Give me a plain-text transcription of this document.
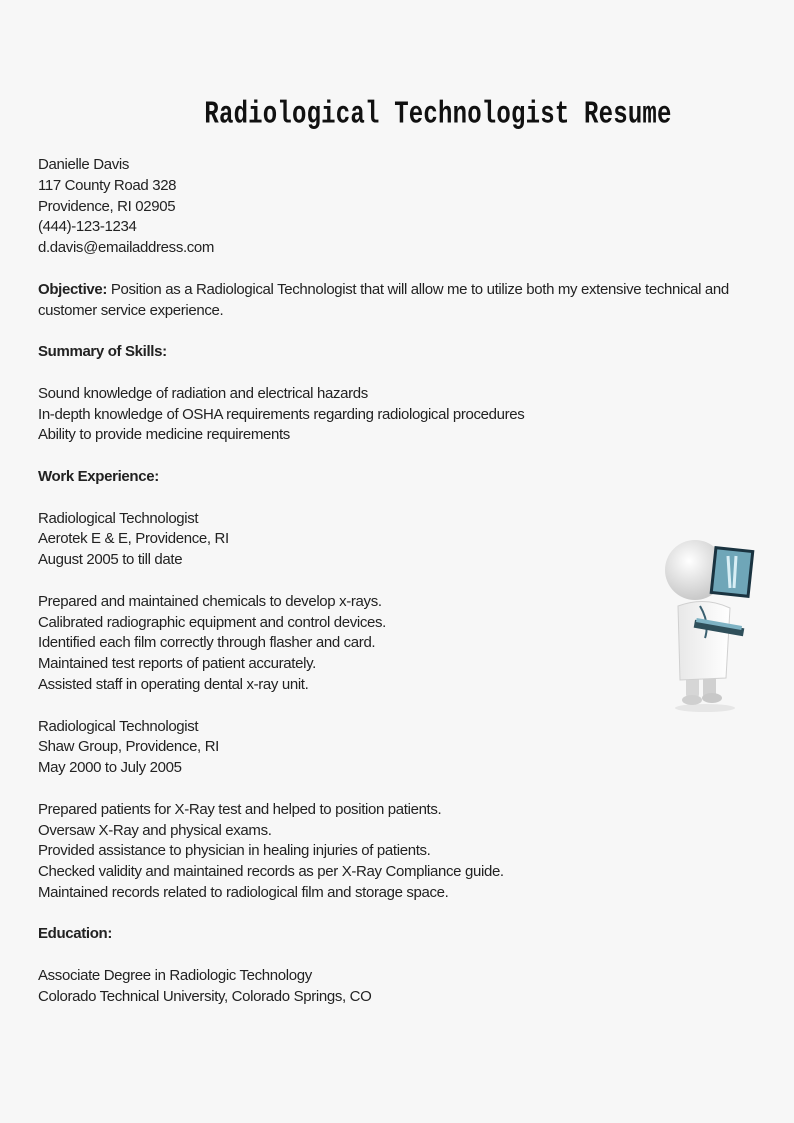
Radiological Technologist Resume
Danielle Davis
117 County Road 328
Providence, RI 02905
(444)-123-1234
d.davis@emailaddress.com
Objective: Position as a Radiological Technologist that will allow me to utilize both my extensive technical and
customer service experience.
Summary of Skills:
Sound knowledge of radiation and electrical hazards
In-depth knowledge of OSHA requirements regarding radiological procedures
Ability to provide medicine requirements
Work Experience:
Radiological Technologist
Aerotek E & E, Providence, RI
August 2005 to till date
Prepared and maintained chemicals to develop x-rays.
Calibrated radiographic equipment and control devices.
Identified each film correctly through flasher and card.
Maintained test reports of patient accurately.
Assisted staff in operating dental x-ray unit.
Radiological Technologist
Shaw Group, Providence, RI
May 2000 to July 2005
Prepared patients for X-Ray test and helped to position patients.
Oversaw X-Ray and physical exams.
Provided assistance to physician in healing injuries of patients.
Checked validity and maintained records as per X-Ray Compliance guide.
Maintained records related to radiological film and storage space.
Education:
Associate Degree in Radiologic Technology
Colorado Technical University, Colorado Springs, CO
